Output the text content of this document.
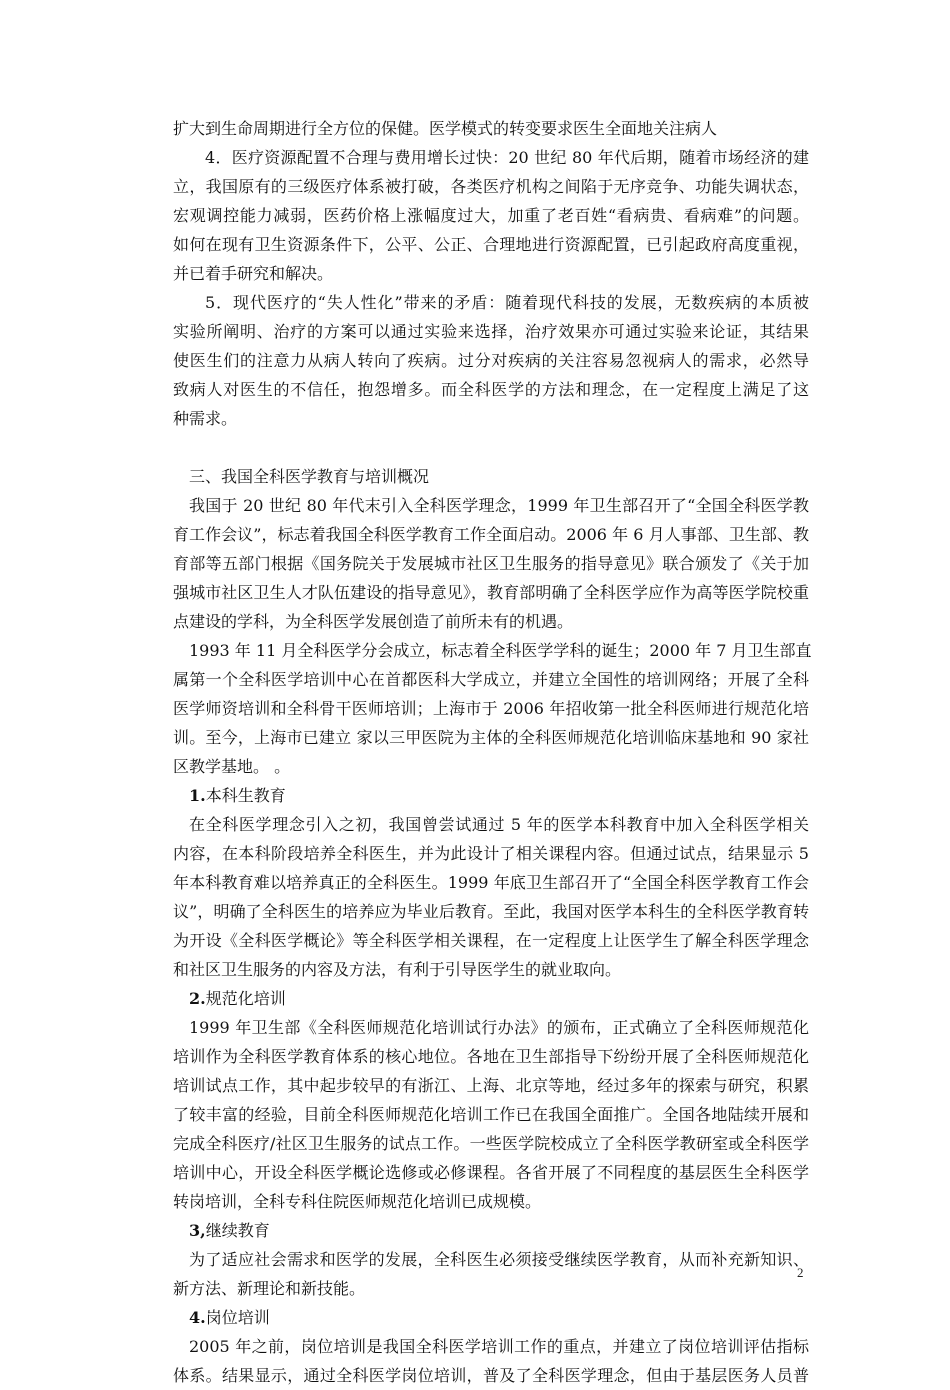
扩大到生命周期进行全方位的保健。医学模式的转变要求医生全面地关注病人
4．医疗资源配置不合理与费用增长过快：20 世纪 80 年代后期，随着市场经济的建
立，我国原有的三级医疗体系被打破，各类医疗机构之间陷于无序竞争、功能失调状态，
宏观调控能力减弱，医药价格上涨幅度过大，加重了老百姓“看病贵、看病难”的问题。
如何在现有卫生资源条件下，公平、公正、合理地进行资源配置，已引起政府高度重视，
并已着手研究和解决。
5．现代医疗的“失人性化”带来的矛盾：随着现代科技的发展，无数疾病的本质被
实验所阐明、治疗的方案可以通过实验来选择，治疗效果亦可通过实验来论证，其结果
使医生们的注意力从病人转向了疾病。过分对疾病的关注容易忽视病人的需求，必然导
致病人对医生的不信任，抱怨增多。而全科医学的方法和理念，在一定程度上满足了这
种需求。
三、我国全科医学教育与培训概况
我国于 20 世纪 80 年代末引入全科医学理念，1999 年卫生部召开了“全国全科医学教
育工作会议”，标志着我国全科医学教育工作全面启动。2006 年 6 月人事部、卫生部、教
育部等五部门根据《国务院关于发展城市社区卫生服务的指导意见》联合颁发了《关于加
强城市社区卫生人才队伍建设的指导意见》，教育部明确了全科医学应作为高等医学院校重
点建设的学科，为全科医学发展创造了前所未有的机遇。
1993 年 11 月全科医学分会成立，标志着全科医学学科的诞生；2000 年 7 月卫生部直
属第一个全科医学培训中心在首都医科大学成立，并建立全国性的培训网络；开展了全科
医学师资培训和全科骨干医师培训；上海市于 2006 年招收第一批全科医师进行规范化培
训。至今，上海市已建立 家以三甲医院为主体的全科医师规范化培训临床基地和 90 家社
区教学基地。 。
1.本科生教育
在全科医学理念引入之初，我国曾尝试通过 5 年的医学本科教育中加入全科医学相关
内容，在本科阶段培养全科医生，并为此设计了相关课程内容。但通过试点，结果显示 5
年本科教育难以培养真正的全科医生。1999 年底卫生部召开了“全国全科医学教育工作会
议”，明确了全科医生的培养应为毕业后教育。至此，我国对医学本科生的全科医学教育转
为开设《全科医学概论》等全科医学相关课程，在一定程度上让医学生了解全科医学理念
和社区卫生服务的内容及方法，有利于引导医学生的就业取向。
2.规范化培训
1999 年卫生部《全科医师规范化培训试行办法》的颁布，正式确立了全科医师规范化
培训作为全科医学教育体系的核心地位。各地在卫生部指导下纷纷开展了全科医师规范化
培训试点工作，其中起步较早的有浙江、上海、北京等地，经过多年的探索与研究，积累
了较丰富的经验，目前全科医师规范化培训工作已在我国全面推广。全国各地陆续开展和
完成全科医疗/社区卫生服务的试点工作。一些医学院校成立了全科医学教研室或全科医学
培训中心，开设全科医学概论选修或必修课程。各省开展了不同程度的基层医生全科医学
转岗培训，全科专科住院医师规范化培训已成规模。
3,继续教育
为了适应社会需求和医学的发展，全科医生必须接受继续医学教育，从而补充新知识、
新方法、新理论和新技能。
4.岗位培训
2005 年之前，岗位培训是我国全科医学培训工作的重点，并建立了岗位培训评估指标
体系。结果显示，通过全科医学岗位培训，普及了全科医学理念，但由于基层医务人员普
2
